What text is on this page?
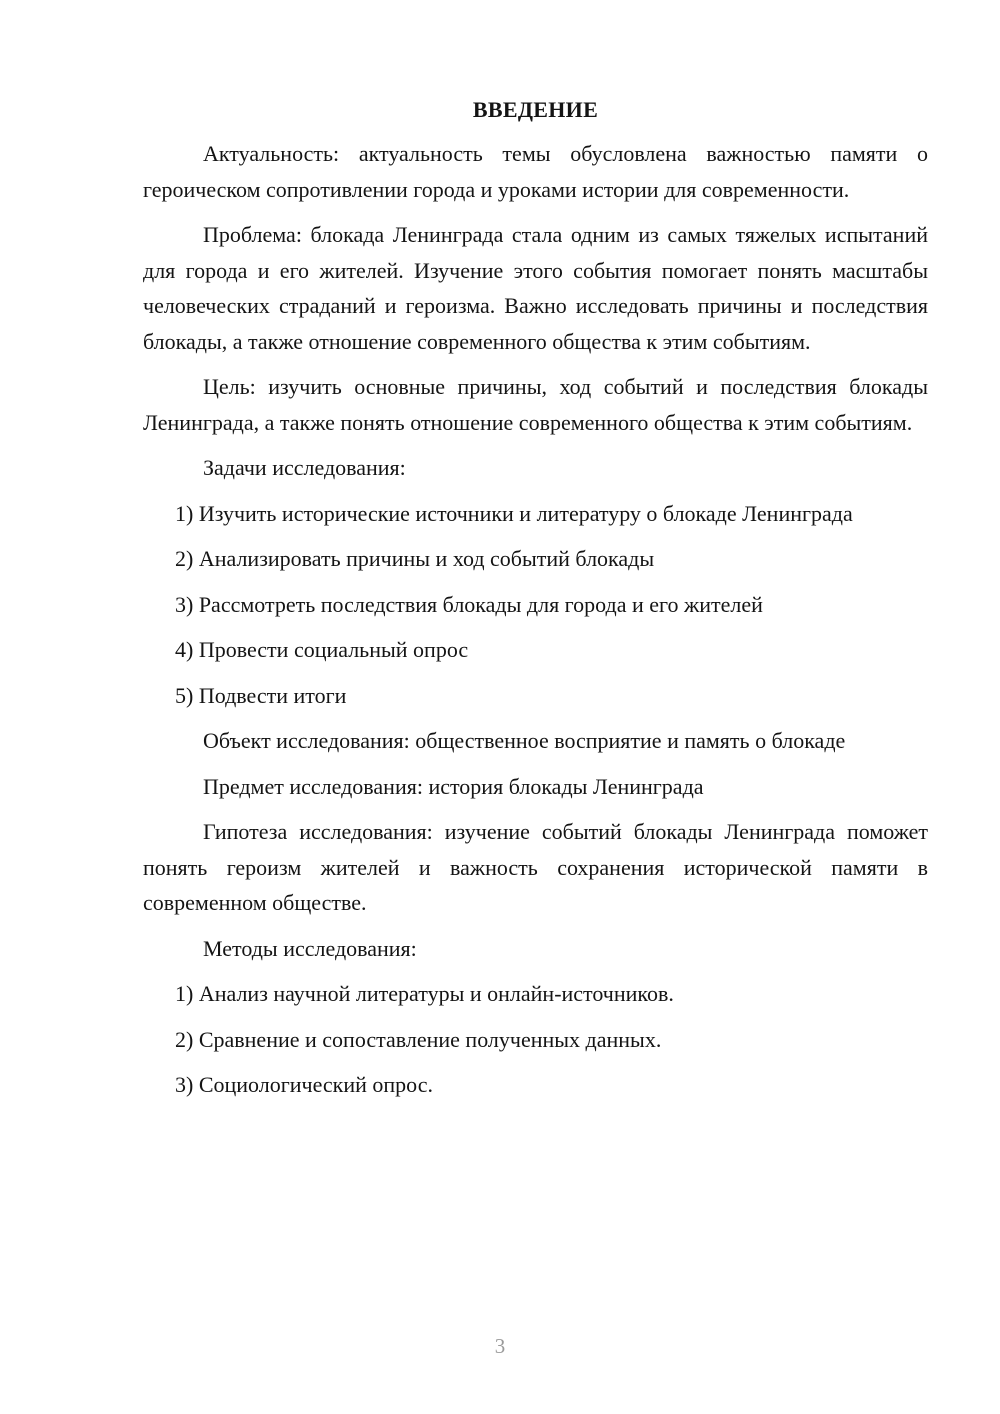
ВВЕДЕНИЕ

Актуальность: актуальность темы обусловлена важностью памяти о героическом сопротивлении города и уроками истории для современности.

Проблема: блокада Ленинграда стала одним из самых тяжелых испытаний для города и его жителей. Изучение этого события помогает понять масштабы человеческих страданий и героизма. Важно исследовать причины и последствия блокады, а также отношение современного общества к этим событиям.

Цель: изучить основные причины, ход событий и последствия блокады Ленинграда, а также понять отношение современного общества к этим событиям.

Задачи исследования:

1) Изучить исторические источники и литературу о блокаде Ленинграда

2) Анализировать причины и ход событий блокады

3) Рассмотреть последствия блокады для города и его жителей

4) Провести социальный опрос

5) Подвести итоги

Объект исследования: общественное восприятие и память о блокаде

Предмет исследования: история блокады Ленинграда

Гипотеза исследования: изучение событий блокады Ленинграда поможет понять героизм жителей и важность сохранения исторической памяти в современном обществе.

Методы исследования:

1) Анализ научной литературы и онлайн-источников.

2) Сравнение и сопоставление полученных данных.

3) Социологический опрос.

3
